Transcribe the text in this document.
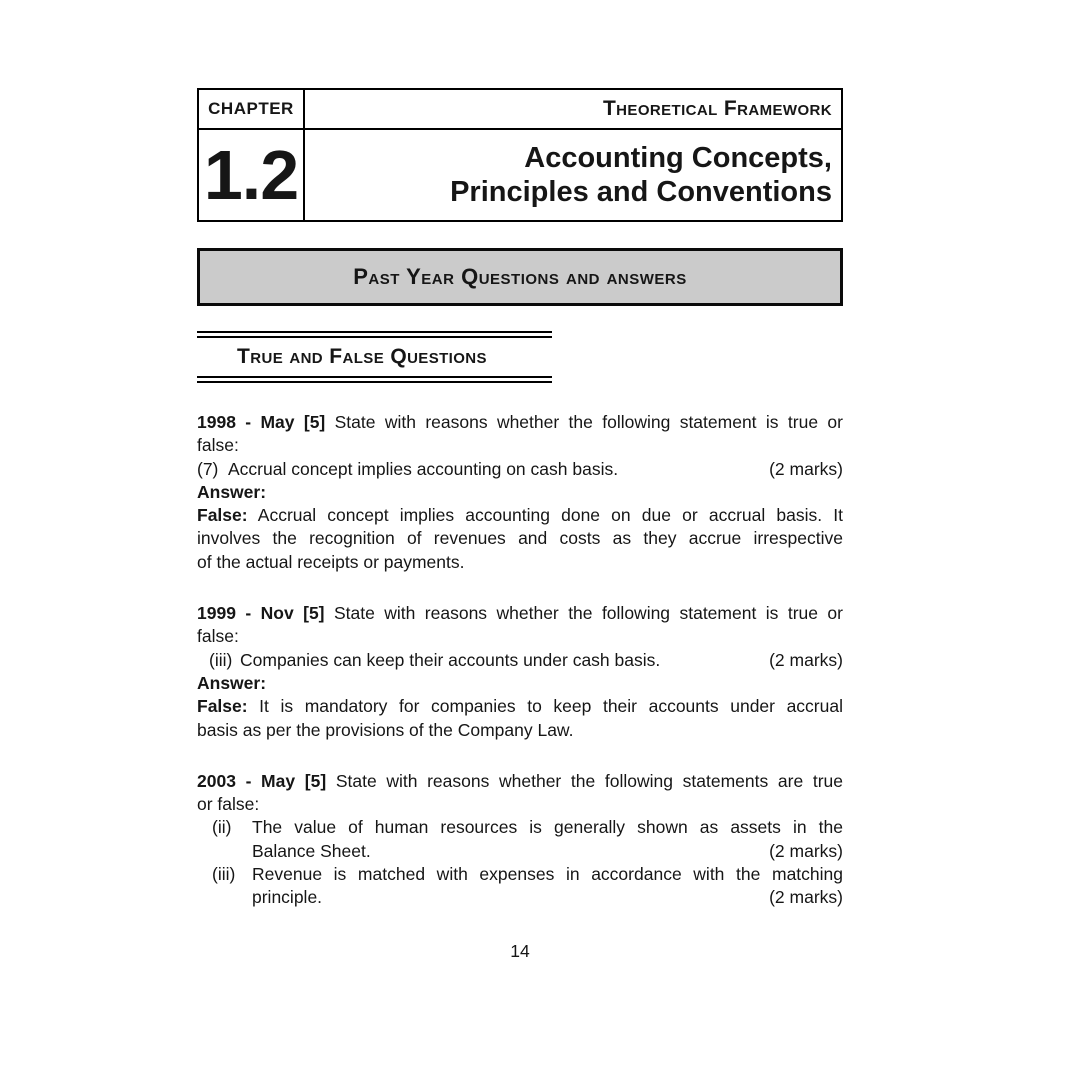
CHAPTER	Theoretical Framework
1.2	Accounting Concepts,
Principles and Conventions
Past Year Questions and answers
True and False Questions
1998 - May [5] State with reasons whether the following statement is true or
false:
(7) Accrual concept implies accounting on cash basis.	(2 marks)
Answer:
False: Accrual concept implies accounting done on due or accrual basis. It
involves the recognition of revenues and costs as they accrue irrespective
of the actual receipts or payments.
1999 - Nov [5] State with reasons whether the following statement is true or
false:
(iii) Companies can keep their accounts under cash basis.	(2 marks)
Answer:
False: It is mandatory for companies to keep their accounts under accrual
basis as per the provisions of the Company Law.
2003 - May [5] State with reasons whether the following statements are true
or false:
(ii)	The value of human resources is generally shown as assets in the
Balance Sheet.	(2 marks)
(iii) Revenue is matched with expenses in accordance with the matching
principle.	(2 marks)
14
